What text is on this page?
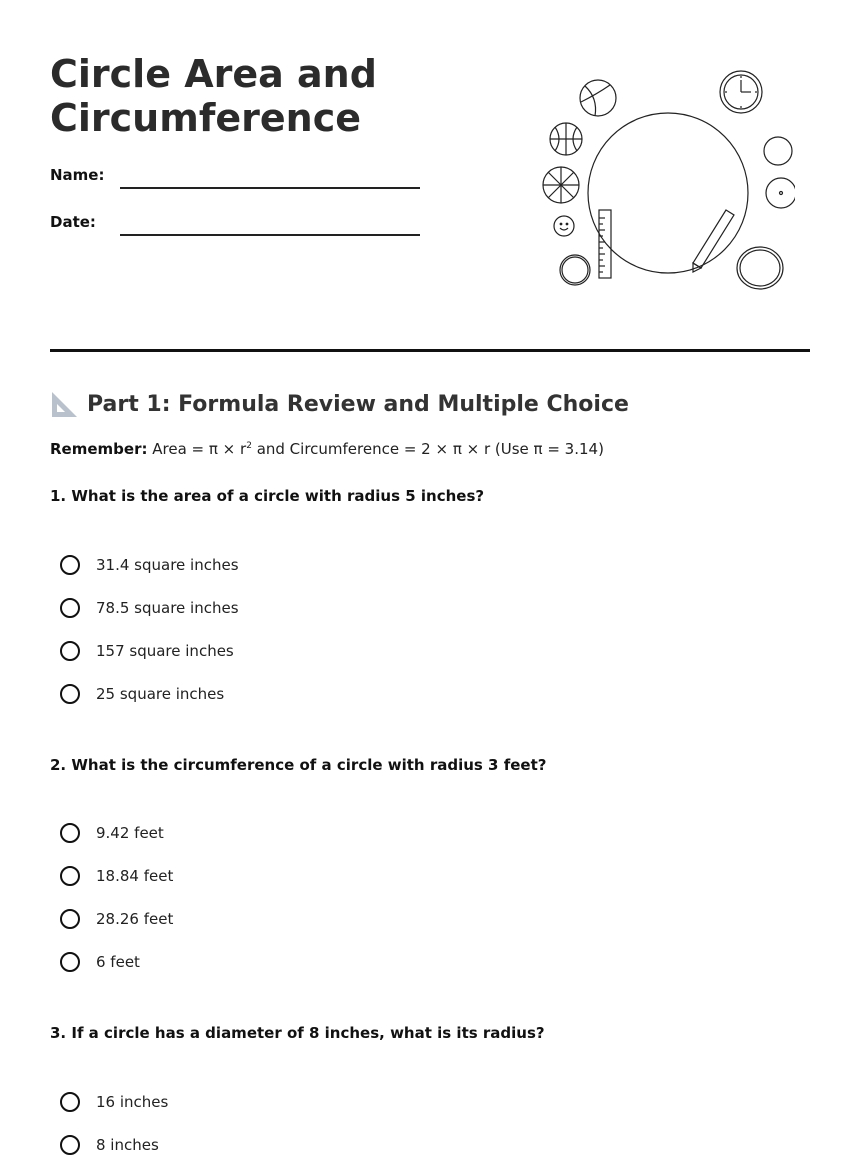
Circle Area and
Circumference
Name:
Date:
Part 1: Formula Review and Multiple Choice
Remember: Area = $\pi \times r^2$ and Circumference = 2 × π × r (Use π = 3.14)
1. What is the area of a circle with radius 5 inches?
31.4 square inches
78.5 square inches
157 square inches
25 square inches
2. What is the circumference of a circle with radius 3 feet?
9.42 feet
18.84 feet
28.26 feet
6 feet
3. If a circle has a diameter of 8 inches, what is its radius?
16 inches
8 inches
